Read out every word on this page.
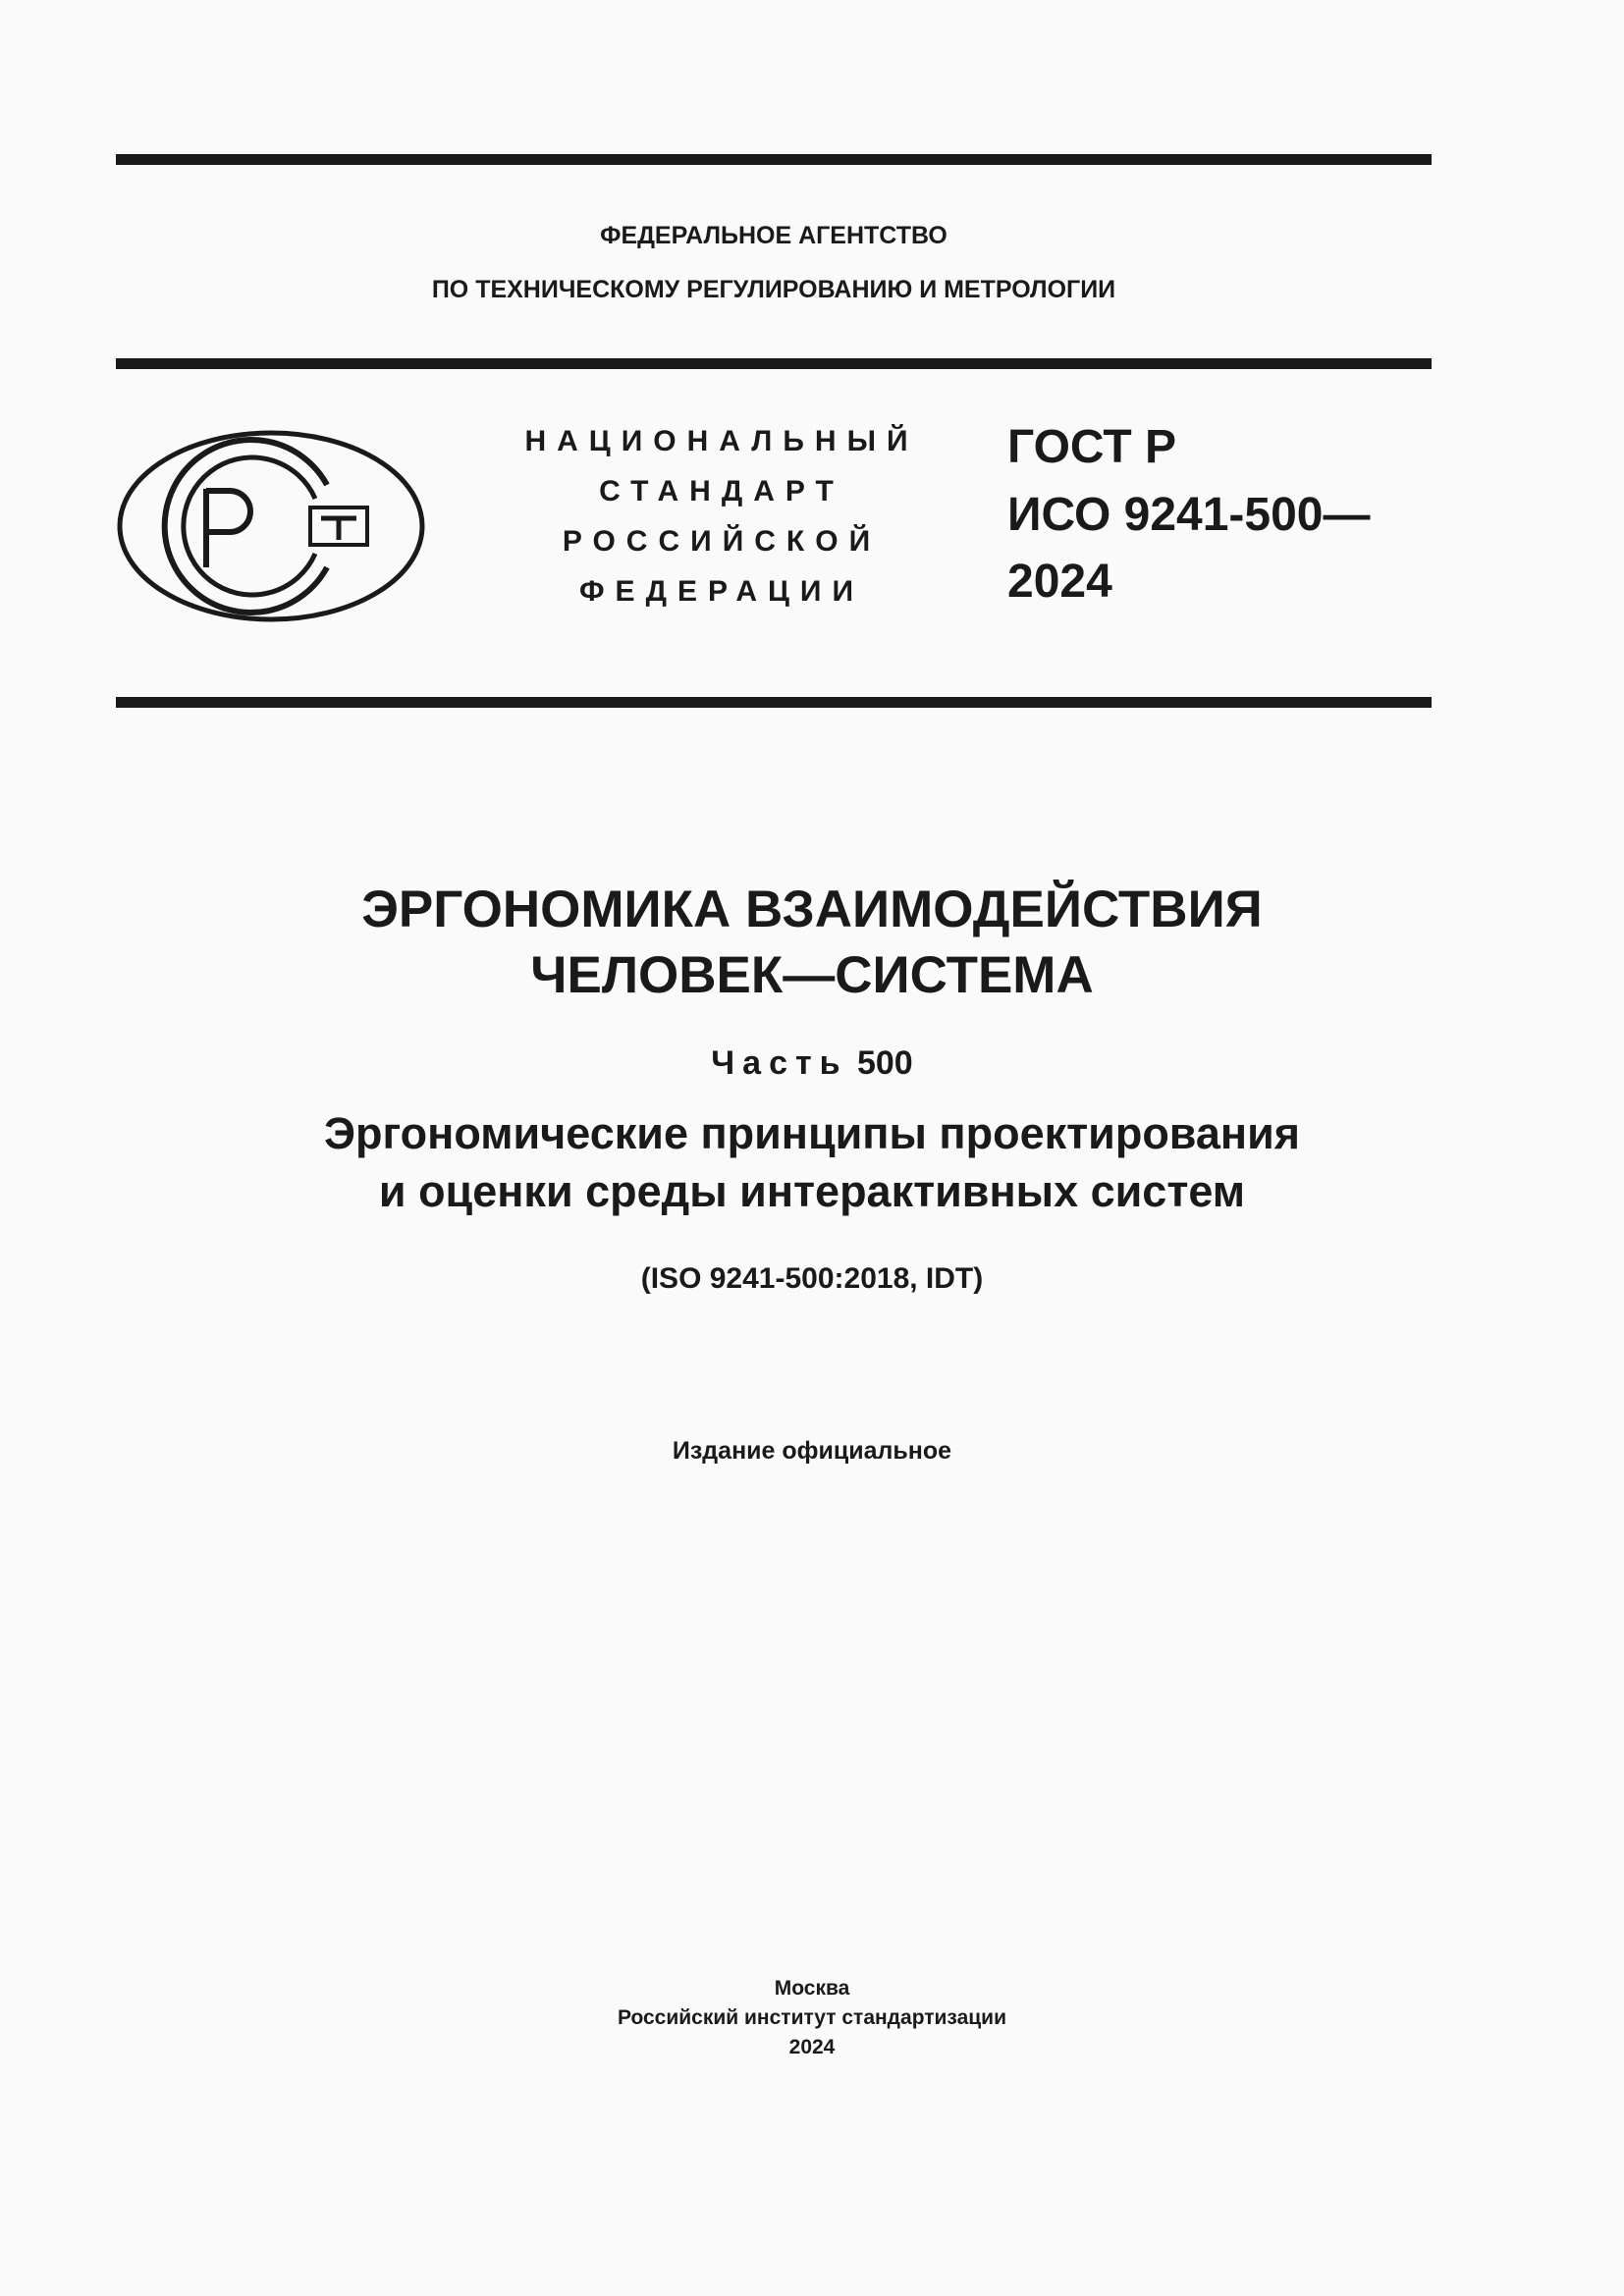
ФЕДЕРАЛЬНОЕ АГЕНТСТВО
ПО ТЕХНИЧЕСКОМУ РЕГУЛИРОВАНИЮ И МЕТРОЛОГИИ
НАЦИОНАЛЬНЫЙ
СТАНДАРТ
РОССИЙСКОЙ
ФЕДЕРАЦИИ
ГОСТ Р
ИСО 9241-500—
2024
ЭРГОНОМИКА ВЗАИМОДЕЙСТВИЯ
ЧЕЛОВЕК—СИСТЕМА
Часть 500
Эргономические принципы проектирования
и оценки среды интерактивных систем
(ISO 9241-500:2018, IDT)
Издание официальное
Москва
Российский институт стандартизации
2024
